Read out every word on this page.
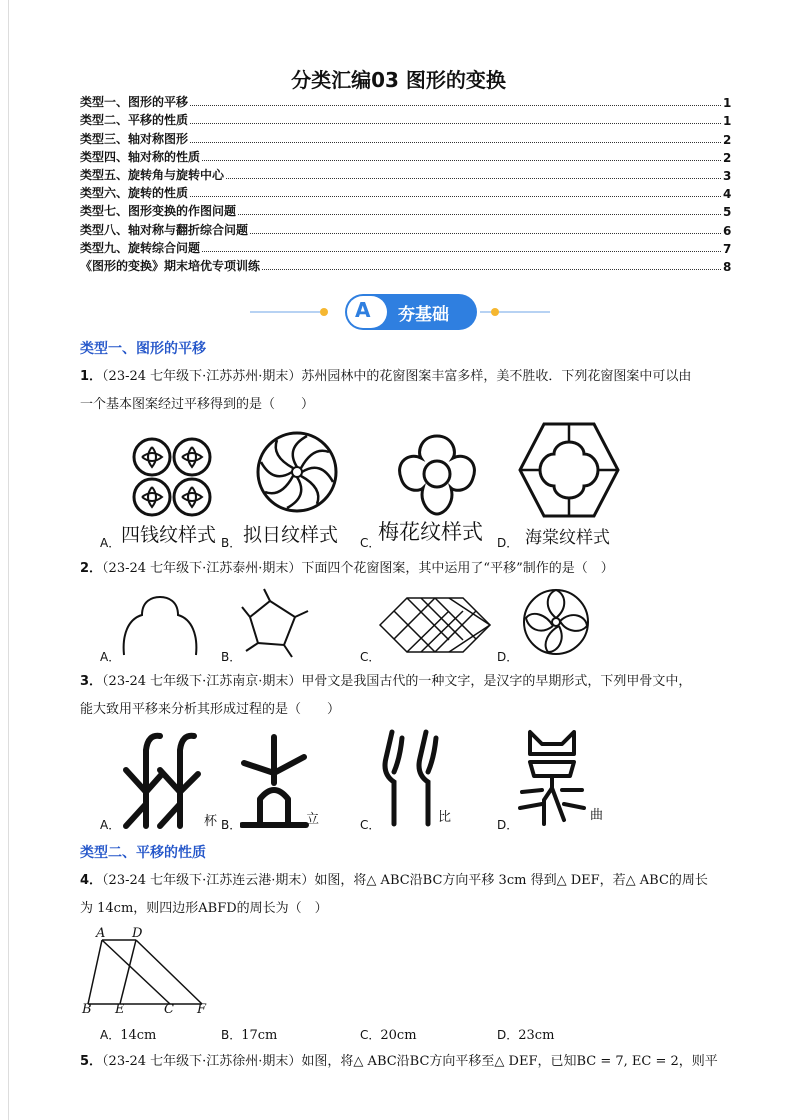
分类汇编03 图形的变换
类型一、图形的平移	1
类型二、平移的性质	1
类型三、轴对称图形	2
类型四、轴对称的性质	2
类型五、旋转角与旋转中心	3
类型六、旋转的性质	4
类型七、图形变换的作图问题	5
类型八、轴对称与翻折综合问题	6
类型九、旋转综合问题	7
《图形的变换》期末培优专项训练	8
A 夯基础
类型一、图形的平移
1．（23-24 七年级下·江苏苏州·期末）苏州园林中的花窗图案丰富多样，美不胜收．下列花窗图案中可以由
一个基本图案经过平移得到的是（　　）
A． 四钱纹样式 B． 拟日纹样式 C．
梅花纹样式 D． 海棠纹样式
2．（23-24 七年级下·江苏泰州·期末）下面四个花窗图案，其中运用了“平移”制作的是（　）
A．	B．	C．	D．
3．（23-24 七年级下·江苏南京·期末）甲骨文是我国古代的一种文字，是汉字的早期形式，下列甲骨文中，
能大致用平移来分析其形成过程的是（　　）
A．	杯 B．	立	C．	比	D．
曲
类型二、平移的性质
4．（23-24 七年级下·江苏连云港·期末）如图，将△ ABC沿BC方向平移 3cm 得到△ DEF，若△ ABC的周长
为 14cm，则四边形ABFD的周长为（　）
A D
B E	C F
A．14cm	B．17cm	C．20cm	D．23cm
5．（23-24 七年级下·江苏徐州·期末）如图，将△ ABC沿BC方向平移至△ DEF，已知BC = 7, EC = 2，则平
